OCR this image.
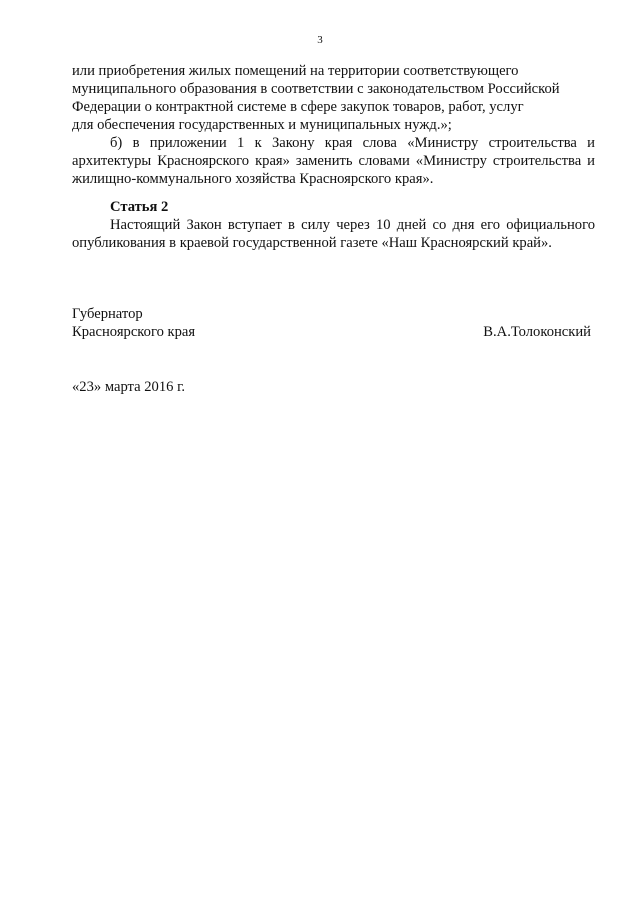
3

или приобретения жилых помещений на территории соответствующего

муниципального образования в соответствии с законодательством Российской

Федерации о контрактной системе в сфере закупок товаров, работ, услуг

для обеспечения государственных и муниципальных нужд.»;

б) в приложении 1 к Закону края слова «Министру строительства и архитектуры Красноярского края» заменить словами «Министру строительства и жилищно-коммунального хозяйства Красноярского края».

Статья 2

Настоящий Закон вступает в силу через 10 дней со дня его официального опубликования в краевой государственной газете «Наш Красноярский край».

Губернатор

Красноярского края	В.А.Толоконский
«23» марта 2016 г.
